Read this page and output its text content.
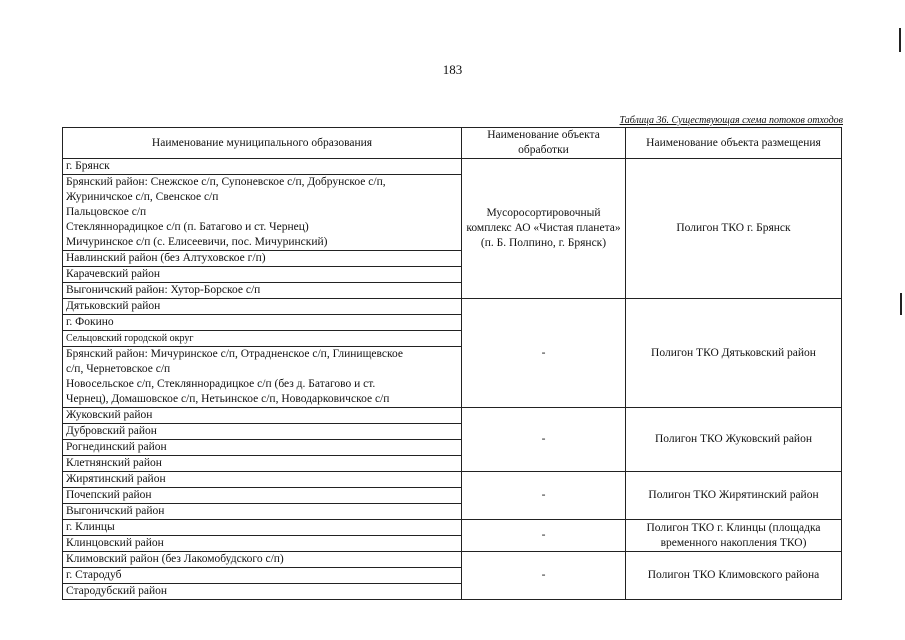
183
Таблица 36. Существующая схема потоков отходов
Наименование муниципального образования	Наименование объекта обработки	Наименование объекта размещения

г. Брянск	Мусоросортировочный комплекс АО «Чистая планета» (п. Б. Полпино, г. Брянск)	Полигон ТКО г. Брянск

Брянский район: Снежское с/п, Супоневское с/п, Добрунское с/п,
Журиничское с/п, Свенское с/п
Пальцовское с/п
Стекляннорадицкое с/п (п. Батагово и ст. Чернец)
Мичуринское с/п (с. Елисеевичи, пос. Мичуринский)		

Навлинский район (без Алтуховское г/п)		

Карачевский район		

Выгоничский район: Хутор-Борское с/п		

Дятьковский район	-	Полигон ТКО Дятьковский район

г. Фокино		

Сельцовский городской округ		

Брянский район: Мичуринское с/п, Отрадненское с/п, Глинищевское
с/п, Чернетовское с/п
Новосельское с/п, Стекляннорадицкое с/п (без д. Батагово и ст.
Чернец), Домашовское с/п, Нетьинское с/п, Новодарковичское с/п		

Жуковский район	-	Полигон ТКО Жуковский район

Дубровский район		

Рогнединский район		

Клетнянский район		

Жирятинский район	-	Полигон ТКО Жирятинский район

Почепский район		

Выгоничский район		

г. Клинцы	-	Полигон ТКО г. Клинцы (площадка временного накопления ТКО)

Клинцовский район		

Климовский район (без Лакомобудского с/п)	-	Полигон ТКО Климовского района

г. Стародуб		

Стародубский район		
